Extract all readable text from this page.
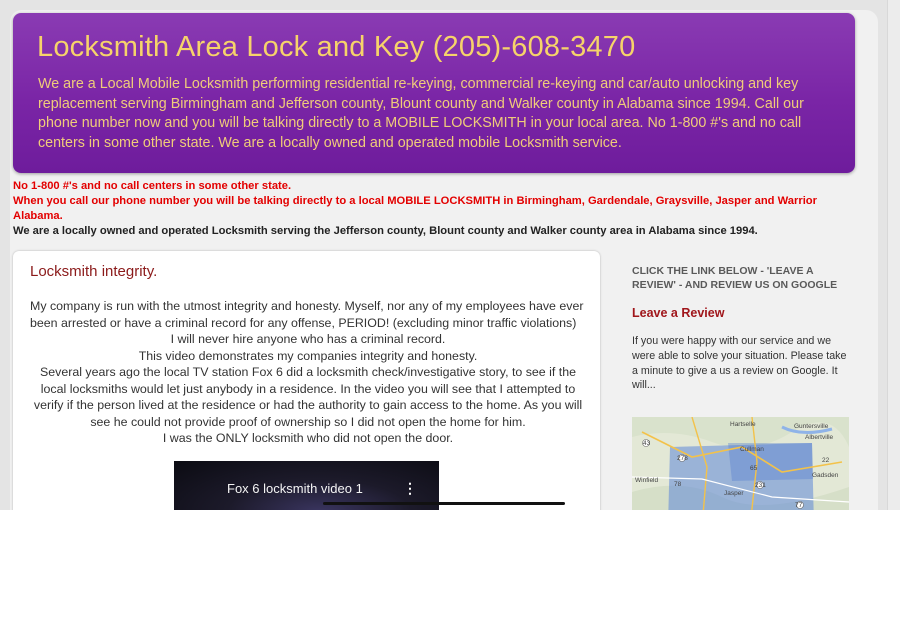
Locksmith Area Lock and Key (205)-608-3470

We are a Local Mobile Locksmith performing residential re-keying, commercial re-keying and car/auto unlocking and key replacement serving Birmingham and Jefferson county, Blount county and Walker county in Alabama since 1994. Call our phone number now and you will be talking directly to a MOBILE LOCKSMITH in your local area. No 1-800 #'s and no call centers in some other state. We are a locally owned and operated mobile Locksmith service.

No 1-800 #'s and no call centers in some other state.
When you call our phone number you will be talking directly to a local MOBILE LOCKSMITH in Birmingham, Gardendale, Graysville, Jasper and Warrior Alabama.
We are a locally owned and operated Locksmith serving the Jefferson county, Blount county and Walker county area in Alabama since 1994.
Locksmith integrity.

My company is run with the utmost integrity and honesty. Myself, nor any of my employees have ever been arrested or have a criminal record for any offense, PERIOD! (excluding minor traffic violations)

I will never hire anyone who has a criminal record.

This video demonstrates my companies integrity and honesty.

Several years ago the local TV station Fox 6 did a locksmith check/investigative story, to see if the local locksmiths would let just anybody in a residence. In the video you will see that I attempted to verify if the person lived at the residence or had the authority to gain access to the home. As you will see he could not provide proof of ownership so I did not open the home for him.

I was the ONLY locksmith who did not open the door.

Fox 6 locksmith video 1	⋮
CLICK THE LINK BELOW - 'LEAVE A REVIEW' - AND REVIEW US ON GOOGLE
Leave a Review

If you were happy with our service and we were able to solve your situation. Please take a minute to give a us a review on Google. It will...

Hartselle	Guntersville
Albertville
Cullman
Winfield
Jasper
Gadsden
43
278
231
65
77
78
22
